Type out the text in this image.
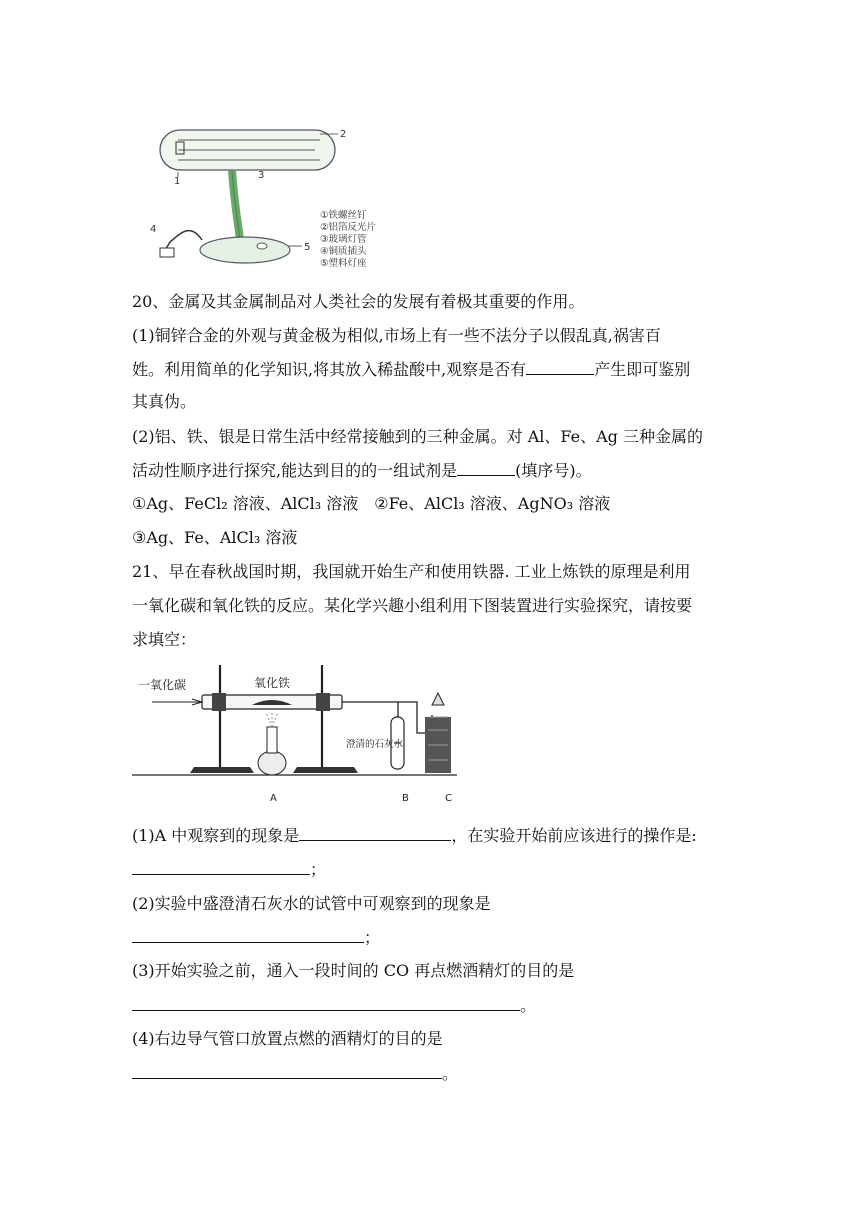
2
1
3
5
4
①铁螺丝钉
②铝箔反光片
③玻璃灯管
④铜质插头
⑤塑料灯座
20、金属及其金属制品对人类社会的发展有着极其重要的作用。
(1)铜锌合金的外观与黄金极为相似,市场上有一些不法分子以假乱真,祸害百
姓。利用简单的化学知识,将其放入稀盐酸中,观察是否有	产生即可鉴别
其真伪。
(2)铝、铁、银是日常生活中经常接触到的三种金属。对 Al、Fe、Ag 三种金属的
活动性顺序进行探究,能达到目的的一组试剂是	(填序号)。
①Ag、FeCl₂ 溶液、AlCl₃ 溶液 ②Fe、AlCl₃ 溶液、AgNO₃ 溶液
③Ag、Fe、AlCl₃ 溶液
21、早在春秋战国时期，我国就开始生产和使用铁器. 工业上炼铁的原理是利用
一氧化碳和氧化铁的反应。某化学兴趣小组利用下图装置进行实验探究，请按要
求填空：
一氧化碳	氧化铁
澄清的石灰水
A	B	C
(1)A 中观察到的现象是	，在实验开始前应该进行的操作是:
；
(2)实验中盛澄清石灰水的试管中可观察到的现象是
；
(3)开始实验之前，通入一段时间的 CO 再点燃酒精灯的目的是
。
(4)右边导气管口放置点燃的酒精灯的目的是
。
